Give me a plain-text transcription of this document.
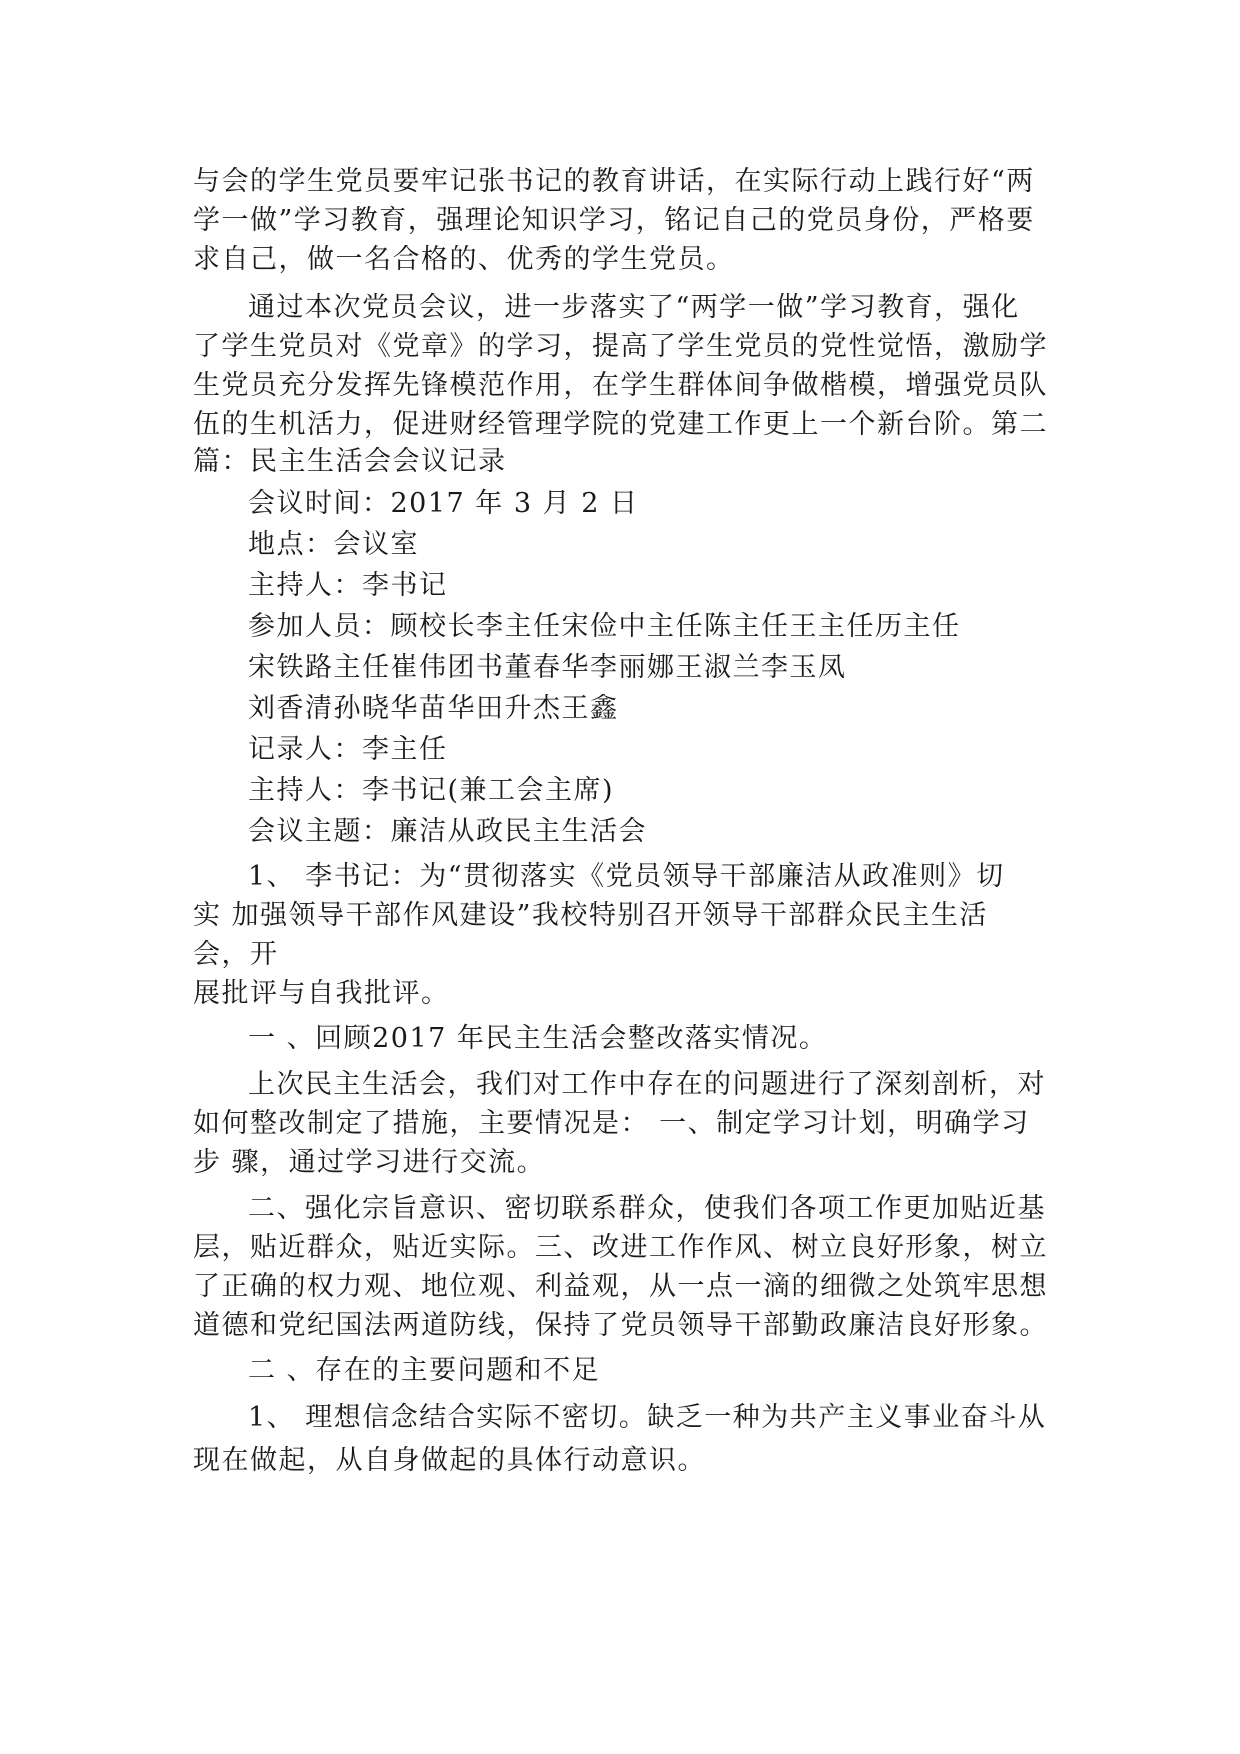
与会的学生党员要牢记张书记的教育讲话，在实际行动上践行好“两
学一做”学习教育，强理论知识学习，铭记自己的党员身份，严格要
求自己，做一名合格的、优秀的学生党员。
通过本次党员会议，进一步落实了“两学一做”学习教育，强化
了学生党员对《党章》的学习，提高了学生党员的党性觉悟，激励学
生党员充分发挥先锋模范作用，在学生群体间争做楷模，增强党员队
伍的生机活力，促进财经管理学院的党建工作更上一个新台阶。第二
篇：民主生活会会议记录
会议时间：2017 年 3 月 2 日
地点：会议室
主持人：李书记
参加人员：顾校长李主任宋俭中主任陈主任王主任历主任
宋铁路主任崔伟团书董春华李丽娜王淑兰李玉凤
刘香清孙晓华苗华田升杰王鑫
记录人：李主任
主持人：李书记(兼工会主席)
会议主题：廉洁从政民主生活会
1、 李书记：为“贯彻落实《党员领导干部廉洁从政准则》切
实 加强领导干部作风建设”我校特别召开领导干部群众民主生活
会，开
展批评与自我批评。
一 、回顾2017 年民主生活会整改落实情况。
上次民主生活会，我们对工作中存在的问题进行了深刻剖析，对
如何整改制定了措施，主要情况是： 一、制定学习计划，明确学习
步 骤，通过学习进行交流。
二、强化宗旨意识、密切联系群众，使我们各项工作更加贴近基
层，贴近群众，贴近实际。三、改进工作作风、树立良好形象，树立
了正确的权力观、地位观、利益观，从一点一滴的细微之处筑牢思想
道德和党纪国法两道防线，保持了党员领导干部勤政廉洁良好形象。
二 、存在的主要问题和不足
1、 理想信念结合实际不密切。缺乏一种为共产主义事业奋斗从
现在做起，从自身做起的具体行动意识。
